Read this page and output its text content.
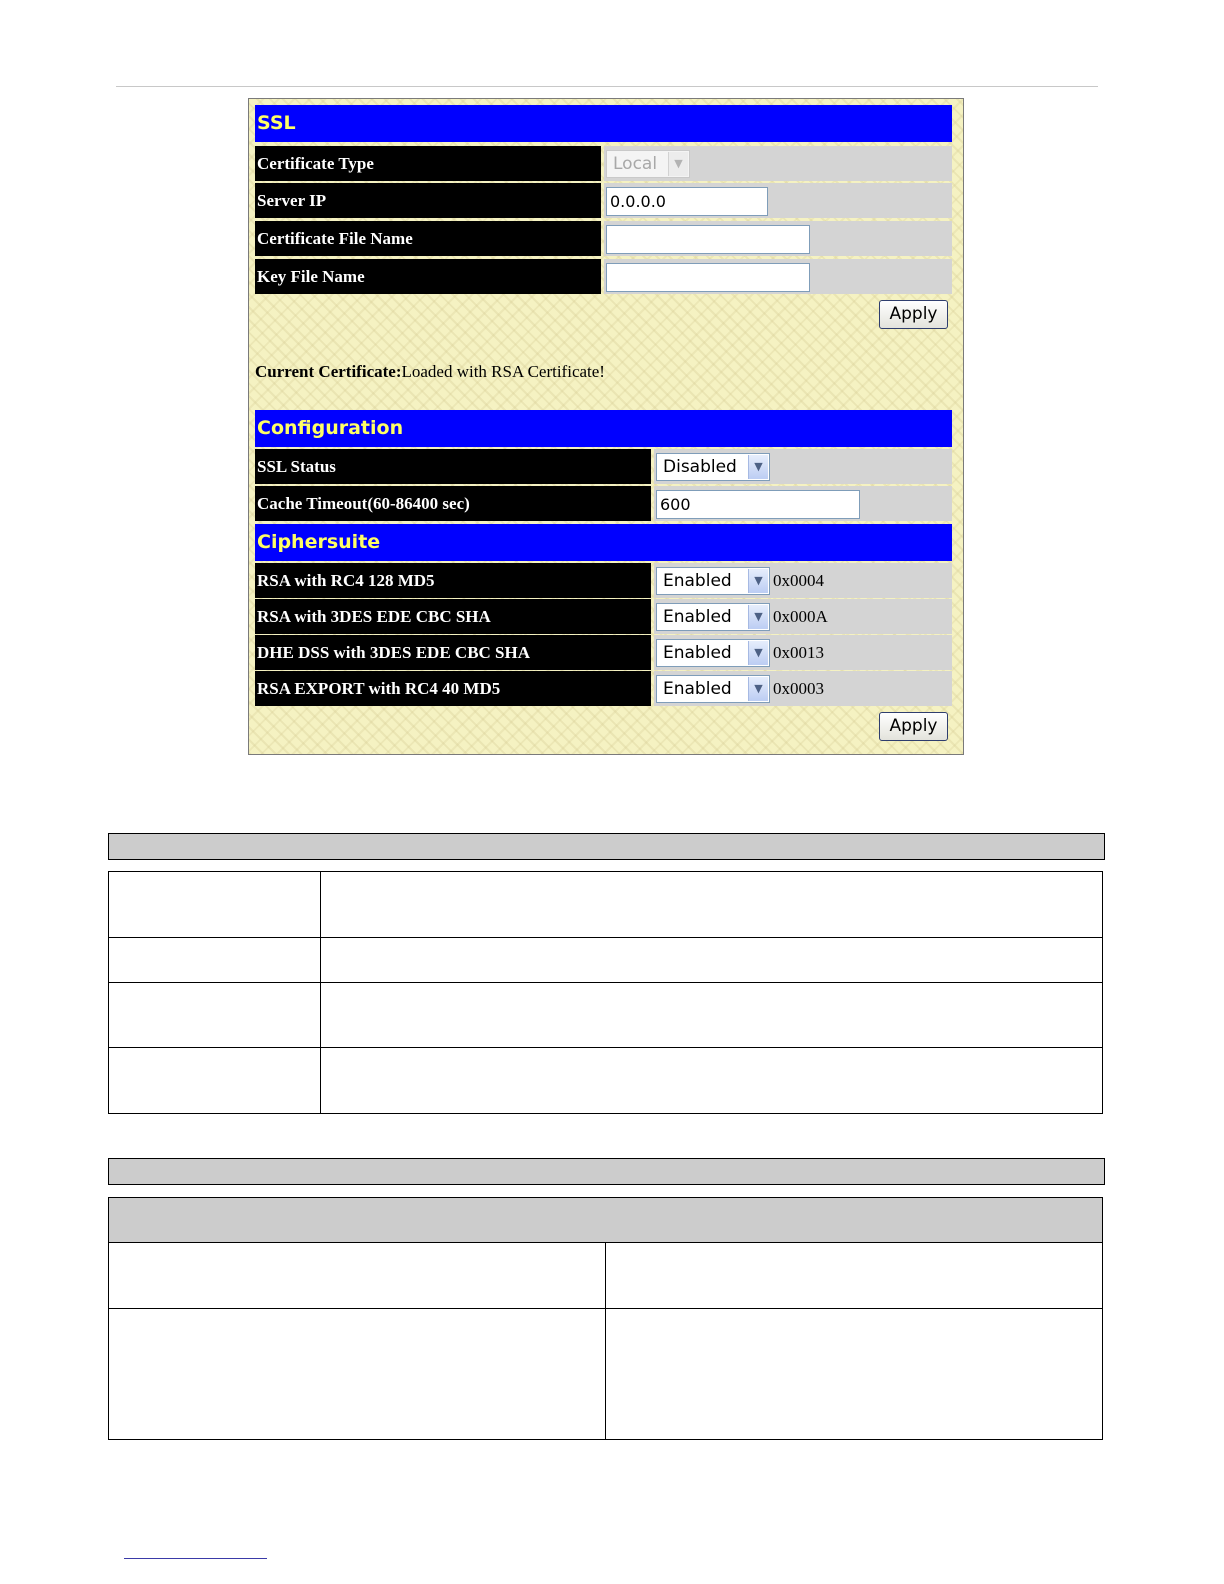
SSL
Certificate Type	Local	▼
Server IP	0.0.0.0
Certificate File Name
Key File Name
Apply
Current Certificate:Loaded with RSA Certificate!
Configuration
SSL Status	Disabled	▼
Cache Timeout(60-86400 sec)	600
Ciphersuite
RSA with RC4 128 MD5	Enabled	▼ 0x0004
RSA with 3DES EDE CBC SHA	Enabled	▼ 0x000A
DHE DSS with 3DES EDE CBC SHA	Enabled	▼ 0x0013
RSA EXPORT with RC4 40 MD5	Enabled	▼ 0x0003
Apply
